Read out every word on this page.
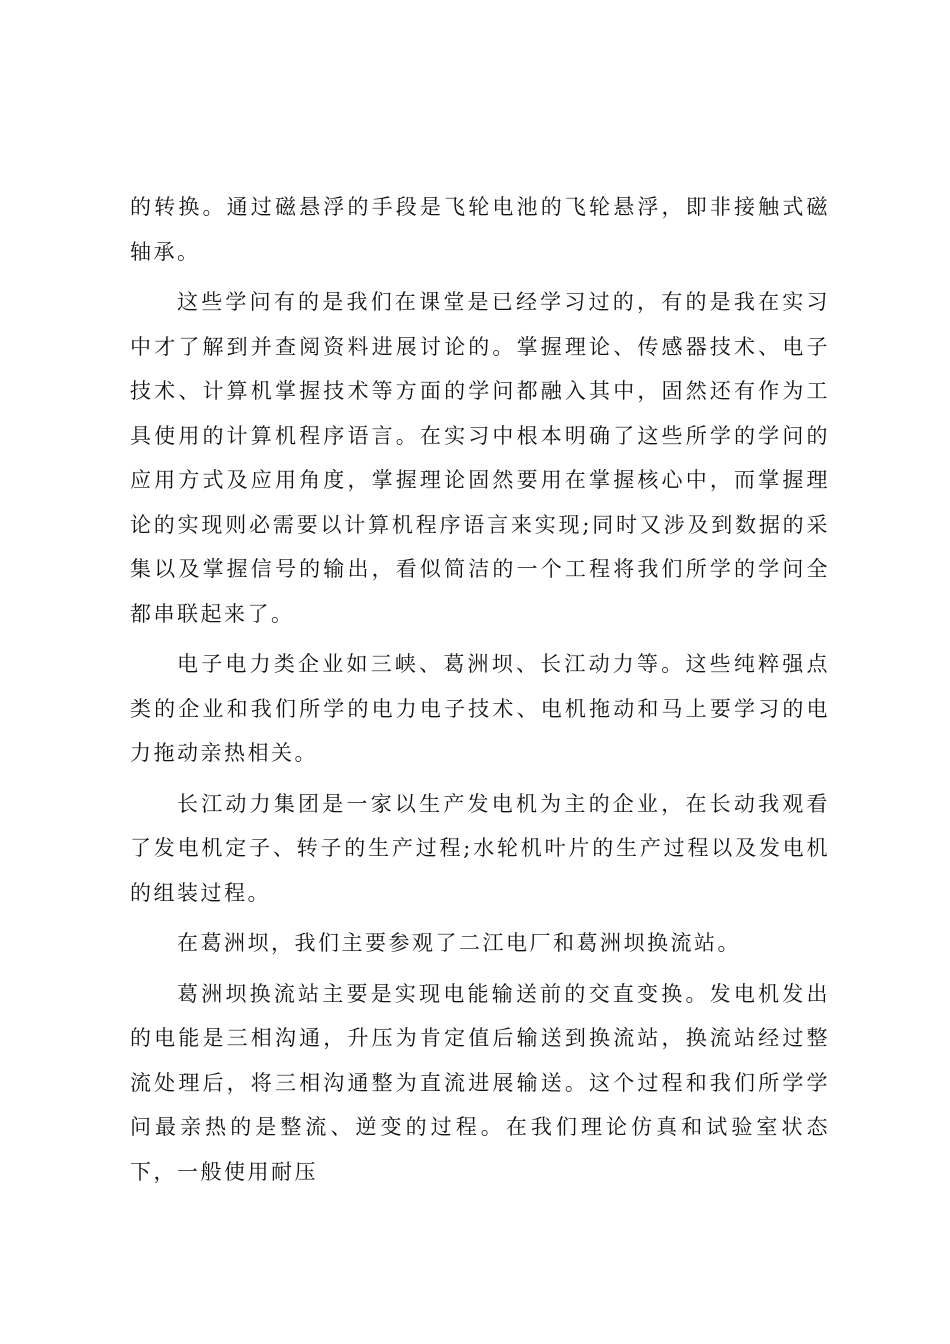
的转换。通过磁悬浮的手段是飞轮电池的飞轮悬浮，即非接触式磁轴承。

这些学问有的是我们在课堂是已经学习过的，有的是我在实习中才了解到并查阅资料进展讨论的。掌握理论、传感器技术、电子技术、计算机掌握技术等方面的学问都融入其中，固然还有作为工具使用的计算机程序语言。在实习中根本明确了这些所学的学问的应用方式及应用角度，掌握理论固然要用在掌握核心中，而掌握理论的实现则必需要以计算机程序语言来实现;同时又涉及到数据的采集以及掌握信号的输出，看似简洁的一个工程将我们所学的学问全都串联起来了。

电子电力类企业如三峡、葛洲坝、长江动力等。这些纯粹强点类的企业和我们所学的电力电子技术、电机拖动和马上要学习的电力拖动亲热相关。

长江动力集团是一家以生产发电机为主的企业，在长动我观看了发电机定子、转子的生产过程;水轮机叶片的生产过程以及发电机的组装过程。

在葛洲坝，我们主要参观了二江电厂和葛洲坝换流站。

葛洲坝换流站主要是实现电能输送前的交直变换。发电机发出的电能是三相沟通，升压为肯定值后输送到换流站，换流站经过整流处理后，将三相沟通整为直流进展输送。这个过程和我们所学学问最亲热的是整流、逆变的过程。在我们理论仿真和试验室状态下，一般使用耐压
